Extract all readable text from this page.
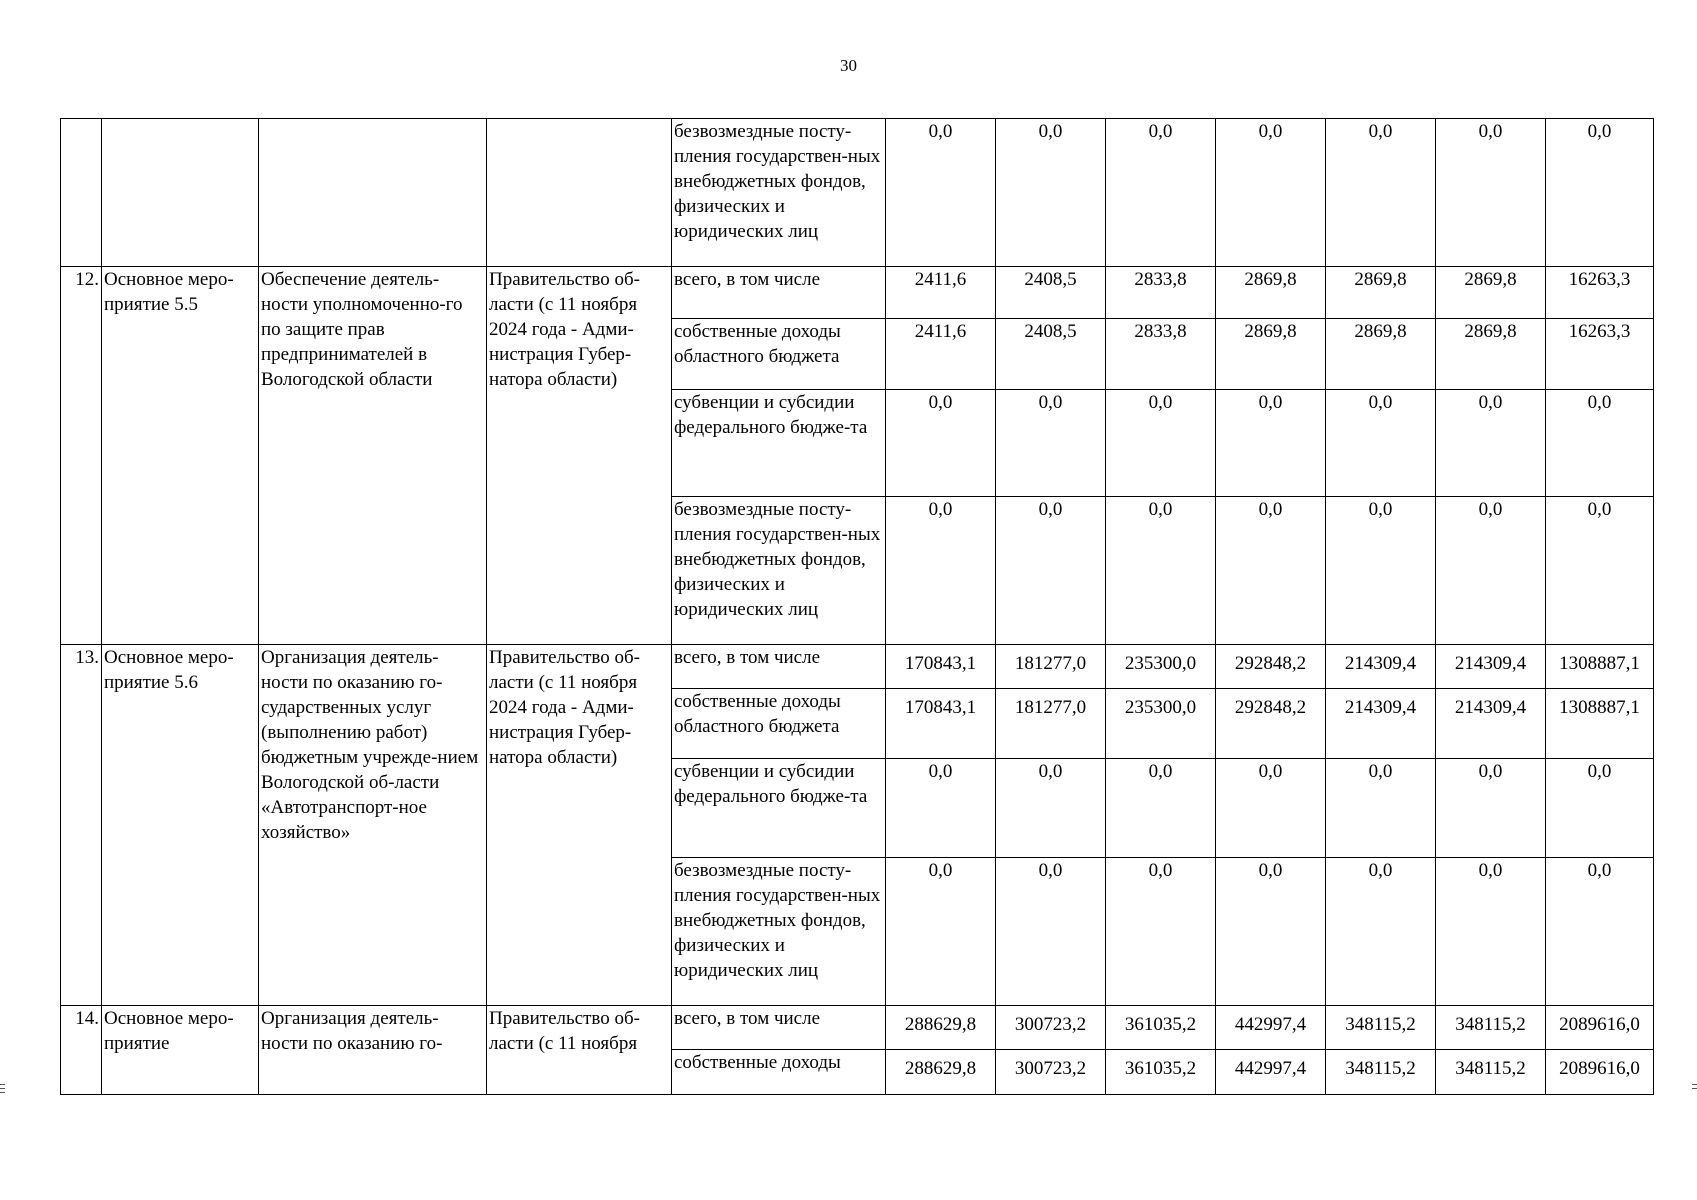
30
				безвозмездные посту-пления государствен-ных внебюджетных фондов, физических и юридических лиц	0,0	0,0	0,0	0,0	0,0	0,0	0,0
12.	Основное меро-приятие 5.5	Обеспечение деятель-ности уполномоченно-го по защите прав предпринимателей в Вологодской области	Правительство об-ласти (с 11 ноября 2024 года - Адми-нистрация Губер-натора области)	всего, в том числе	2411,6	2408,5	2833,8	2869,8	2869,8	2869,8	16263,3
				собственные доходы областного бюджета	2411,6	2408,5	2833,8	2869,8	2869,8	2869,8	16263,3
				субвенции и субсидии федерального бюдже-та	0,0	0,0	0,0	0,0	0,0	0,0	0,0
				безвозмездные посту-пления государствен-ных внебюджетных фондов, физических и юридических лиц	0,0	0,0	0,0	0,0	0,0	0,0	0,0
13.	Основное меро-приятие 5.6	Организация деятель-ности по оказанию го-сударственных услуг (выполнению работ) бюджетным учрежде-нием Вологодской об-ласти «Автотранспорт-ное хозяйство»	Правительство об-ласти (с 11 ноября 2024 года - Адми-нистрация Губер-натора области)	всего, в том числе	170843,1	181277,0	235300,0	292848,2	214309,4	214309,4	1308887,1
				собственные доходы областного бюджета	170843,1	181277,0	235300,0	292848,2	214309,4	214309,4	1308887,1
				субвенции и субсидии федерального бюдже-та	0,0	0,0	0,0	0,0	0,0	0,0	0,0
				безвозмездные посту-пления государствен-ных внебюджетных фондов, физических и юридических лиц	0,0	0,0	0,0	0,0	0,0	0,0	0,0
14.	Основное меро-приятие	Организация деятель-ности по оказанию го-	Правительство об-ласти (с 11 ноября	всего, в том числе	288629,8	300723,2	361035,2	442997,4	348115,2	348115,2	2089616,0
				собственные доходы	288629,8	300723,2	361035,2	442997,4	348115,2	348115,2	2089616,0
